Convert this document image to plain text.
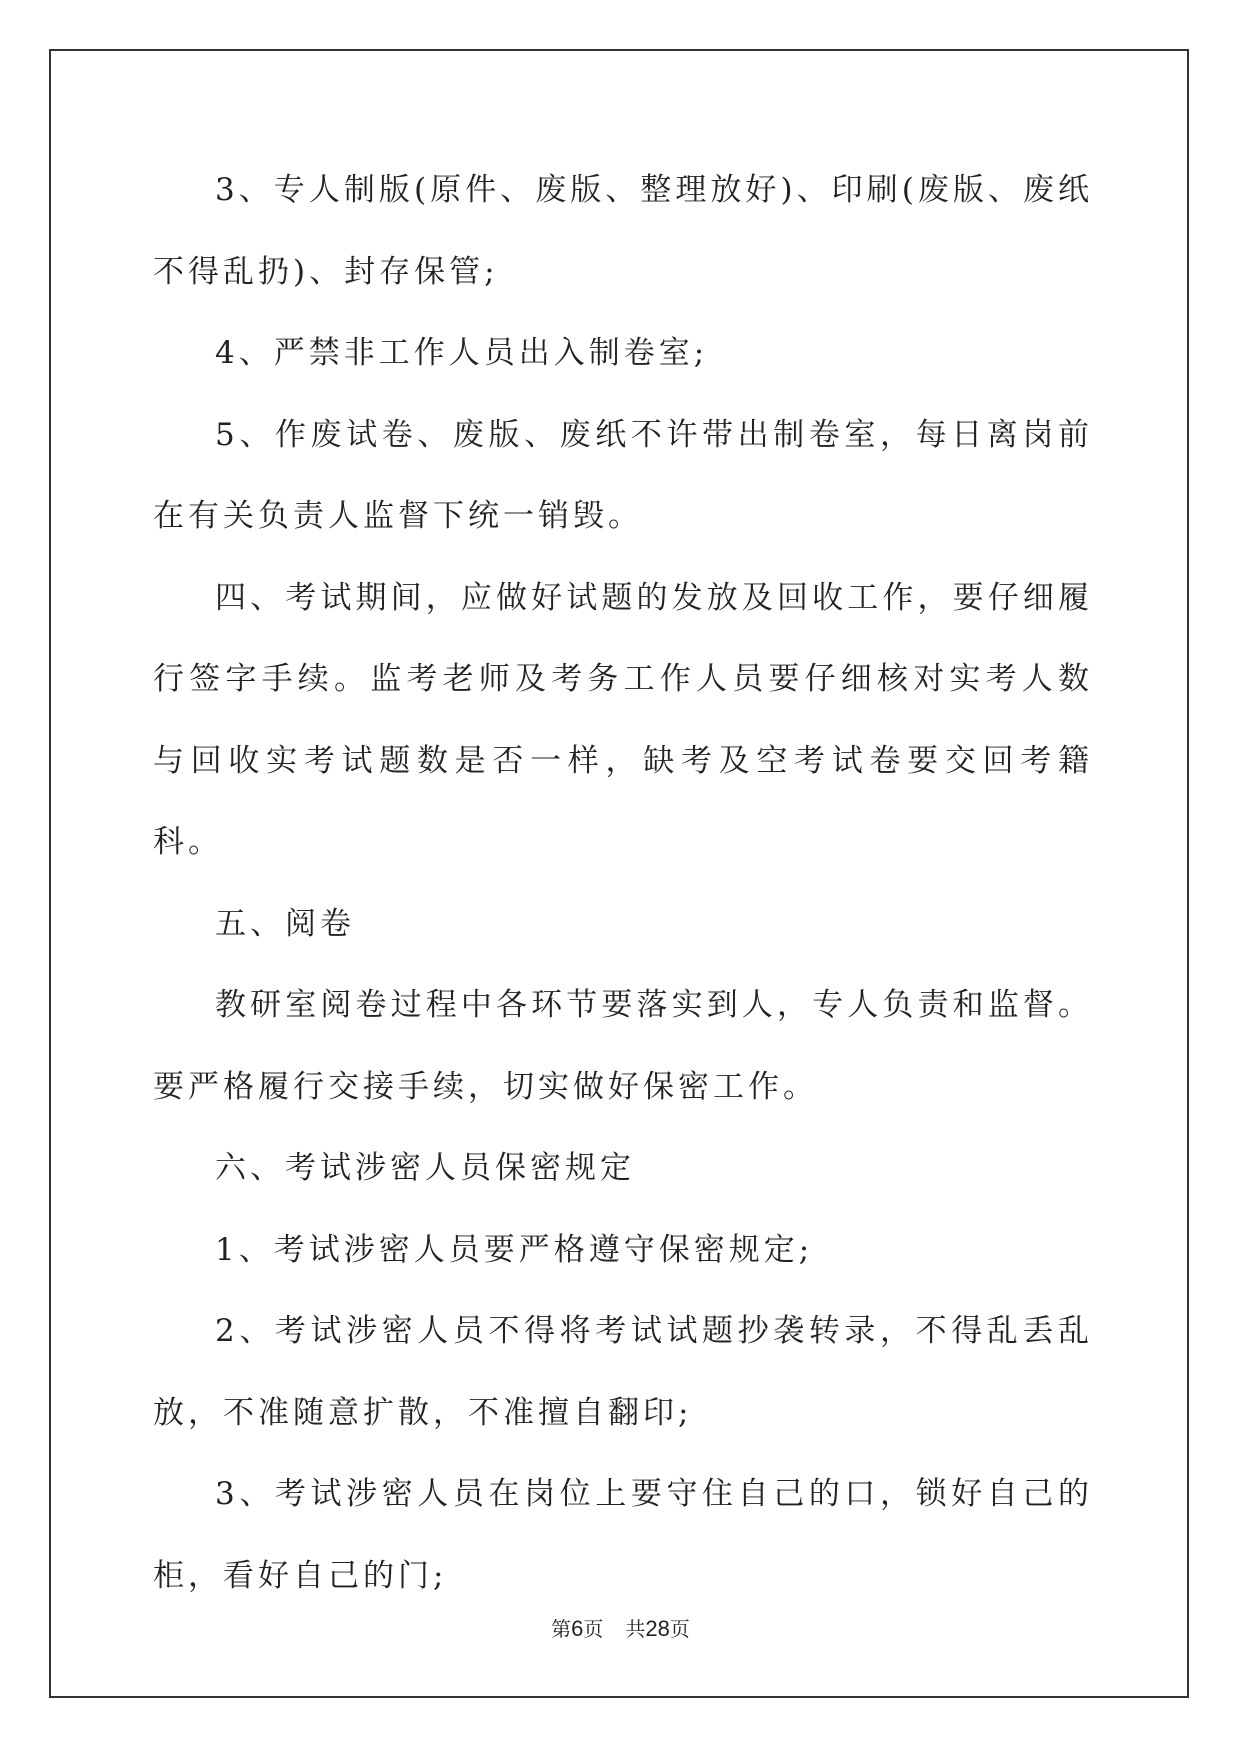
3、专人制版(原件、废版、整理放好)、印刷(废版、废纸不得乱扔)、封存保管;

4、严禁非工作人员出入制卷室;

5、作废试卷、废版、废纸不许带出制卷室，每日离岗前在有关负责人监督下统一销毁。

四、考试期间，应做好试题的发放及回收工作，要仔细履行签字手续。监考老师及考务工作人员要仔细核对实考人数与回收实考试题数是否一样，缺考及空考试卷要交回考籍科。

五、阅卷

教研室阅卷过程中各环节要落实到人，专人负责和监督。要严格履行交接手续，切实做好保密工作。

六、考试涉密人员保密规定

1、考试涉密人员要严格遵守保密规定;

2、考试涉密人员不得将考试试题抄袭转录，不得乱丢乱放，不准随意扩散，不准擅自翻印;

3、考试涉密人员在岗位上要守住自己的口，锁好自己的柜，看好自己的门;

第6页 共28页
